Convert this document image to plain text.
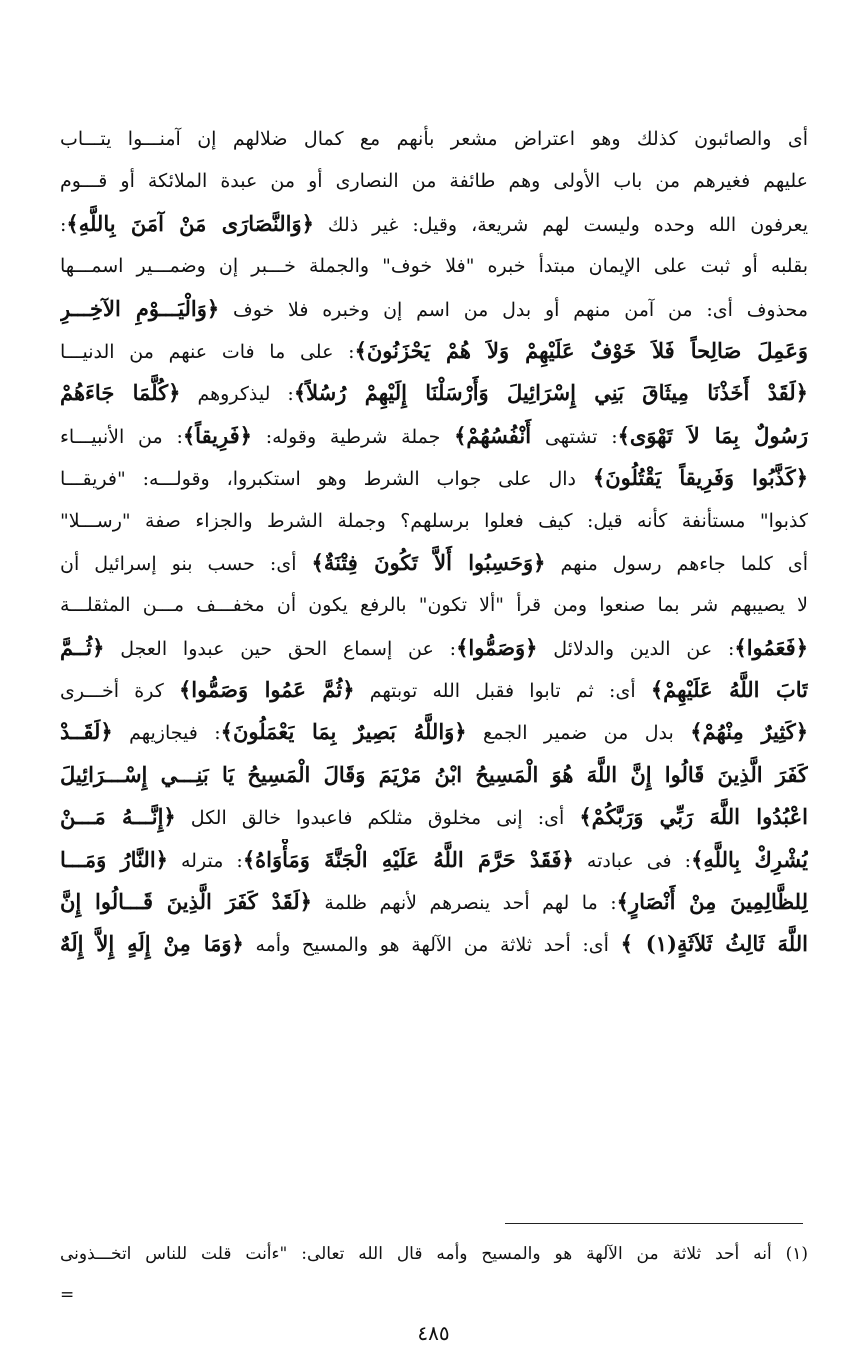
أى والصائبون كذلك وهو اعتراض مشعر بأنهم مع كمال ضلالهم إن آمنـــوا يتـــاب
عليهم فغيرهم من باب الأولى وهم طائفة من النصارى أو من عبدة الملائكة أو قـــوم
يعرفون الله وحده وليست لهم شريعة، وقيل: غير ذلك ﴿وَالنَّصَارَى مَنْ آمَنَ بِاللَّهِ﴾:
بقلبه أو ثبت على الإيمان مبتدأ خبره "فلا خوف" والجملة خـــبر إن وضمـــير اسمـــها
محذوف أى: من آمن منهم أو بدل من اسم إن وخبره فلا خوف ﴿وَالْيَـــوْمِ الآخِـــرِ
وَعَمِلَ صَالِحاً فَلاَ خَوْفٌ عَلَيْهِمْ وَلاَ هُمْ يَحْزَنُونَ﴾: على ما فات عنهم من الدنيـــا
﴿لَقَدْ أَخَذْنَا مِيثَاقَ بَنِي إِسْرَائِيلَ وَأَرْسَلْنَا إِلَيْهِمْ رُسُلاً﴾: ليذكروهم ﴿كُلَّمَا جَاءَهُمْ
رَسُولٌ بِمَا لاَ تَهْوَى﴾: تشتهى أَنْفُسُهُمْ﴾ جملة شرطية وقوله: ﴿فَرِيقاً﴾: من الأنبيـــاء
﴿كَذَّبُوا وَفَرِيقاً يَقْتُلُونَ﴾ دال على جواب الشرط وهو استكبروا، وقولـــه: "فريقـــا
كذبوا" مستأنفة كأنه قيل: كيف فعلوا برسلهم؟ وجملة الشرط والجزاء صفة "رســـلا"
أى كلما جاءهم رسول منهم ﴿وَحَسِبُوا أَلاَّ تَكُونَ فِتْنَةٌ﴾ أى: حسب بنو إسرائيل أن
لا يصيبهم شر بما صنعوا ومن قرأ "ألا تكون" بالرفع يكون أن مخفـــف مـــن المثقلـــة
﴿فَعَمُوا﴾: عن الدين والدلائل ﴿وَصَمُّوا﴾: عن إسماع الحق حين عبدوا العجل ﴿ثُــمَّ
تَابَ اللَّهُ عَلَيْهِمْ﴾ أى: ثم تابوا فقبل الله توبتهم ﴿ثُمَّ عَمُوا وَصَمُّوا﴾ كرة أخـــرى
﴿كَثِيرٌ مِنْهُمْ﴾ بدل من ضمير الجمع ﴿وَاللَّهُ بَصِيرٌ بِمَا يَعْمَلُونَ﴾: فيجازيهم ﴿لَقَــدْ
كَفَرَ الَّذِينَ قَالُوا إِنَّ اللَّهَ هُوَ الْمَسِيحُ ابْنُ مَرْيَمَ وَقَالَ الْمَسِيحُ يَا بَنِـــي إِسْـــرَائِيلَ
اعْبُدُوا اللَّهَ رَبِّي وَرَبَّكُمْ﴾ أى: إنى مخلوق مثلكم فاعبدوا خالق الكل ﴿إِنَّـــهُ مَـــنْ
يُشْرِكْ بِاللَّهِ﴾: فى عبادته ﴿فَقَدْ حَرَّمَ اللَّهُ عَلَيْهِ الْجَنَّةَ وَمَأْوَاهُ﴾: مترله ﴿النَّارُ وَمَـــا
لِلظَّالِمِينَ مِنْ أَنْصَارٍ﴾: ما لهم أحد ينصرهم لأنهم ظلمة ﴿لَقَدْ كَفَرَ الَّذِينَ قَـــالُوا إِنَّ
اللَّهَ ثَالِثُ ثَلاَثَةٍ(١) ﴾ أى: أحد ثلاثة من الآلهة هو والمسيح وأمه ﴿وَمَا مِنْ إِلَهٍ إِلاَّ إِلَهٌ
(١) أنه أحد ثلاثة من الآلهة هو والمسيح وأمه قال الله تعالى: "ءأنت قلت للناس اتخـــذونى
=
٤٨٥
